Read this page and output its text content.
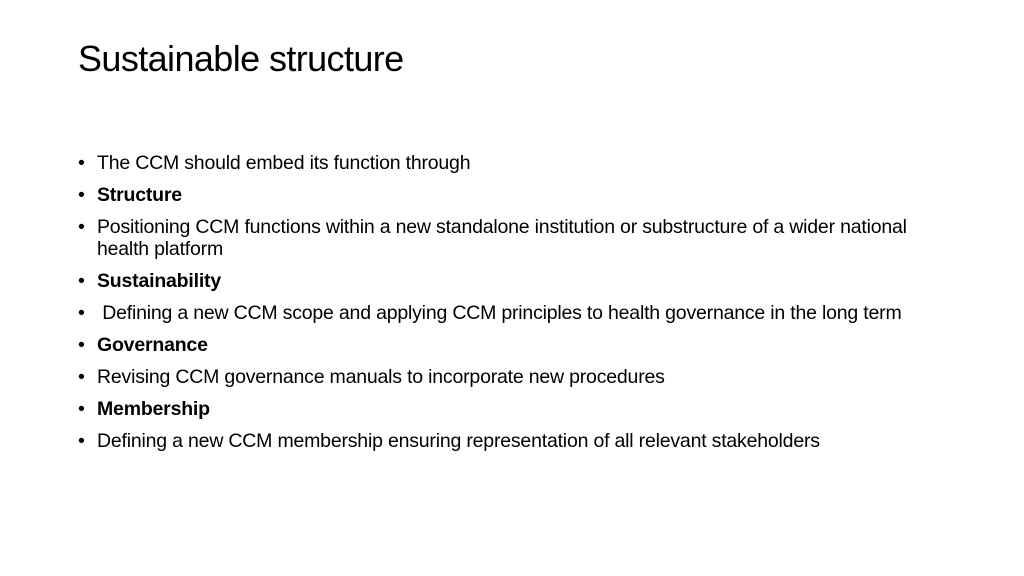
Sustainable structure
• The CCM should embed its function through
• Structure
• Positioning CCM functions within a new standalone institution or substructure of a wider national health platform
• Sustainability
• Defining a new CCM scope and applying CCM principles to health governance in the long term
• Governance
• Revising CCM governance manuals to incorporate new procedures
• Membership
• Defining a new CCM membership ensuring representation of all relevant stakeholders
